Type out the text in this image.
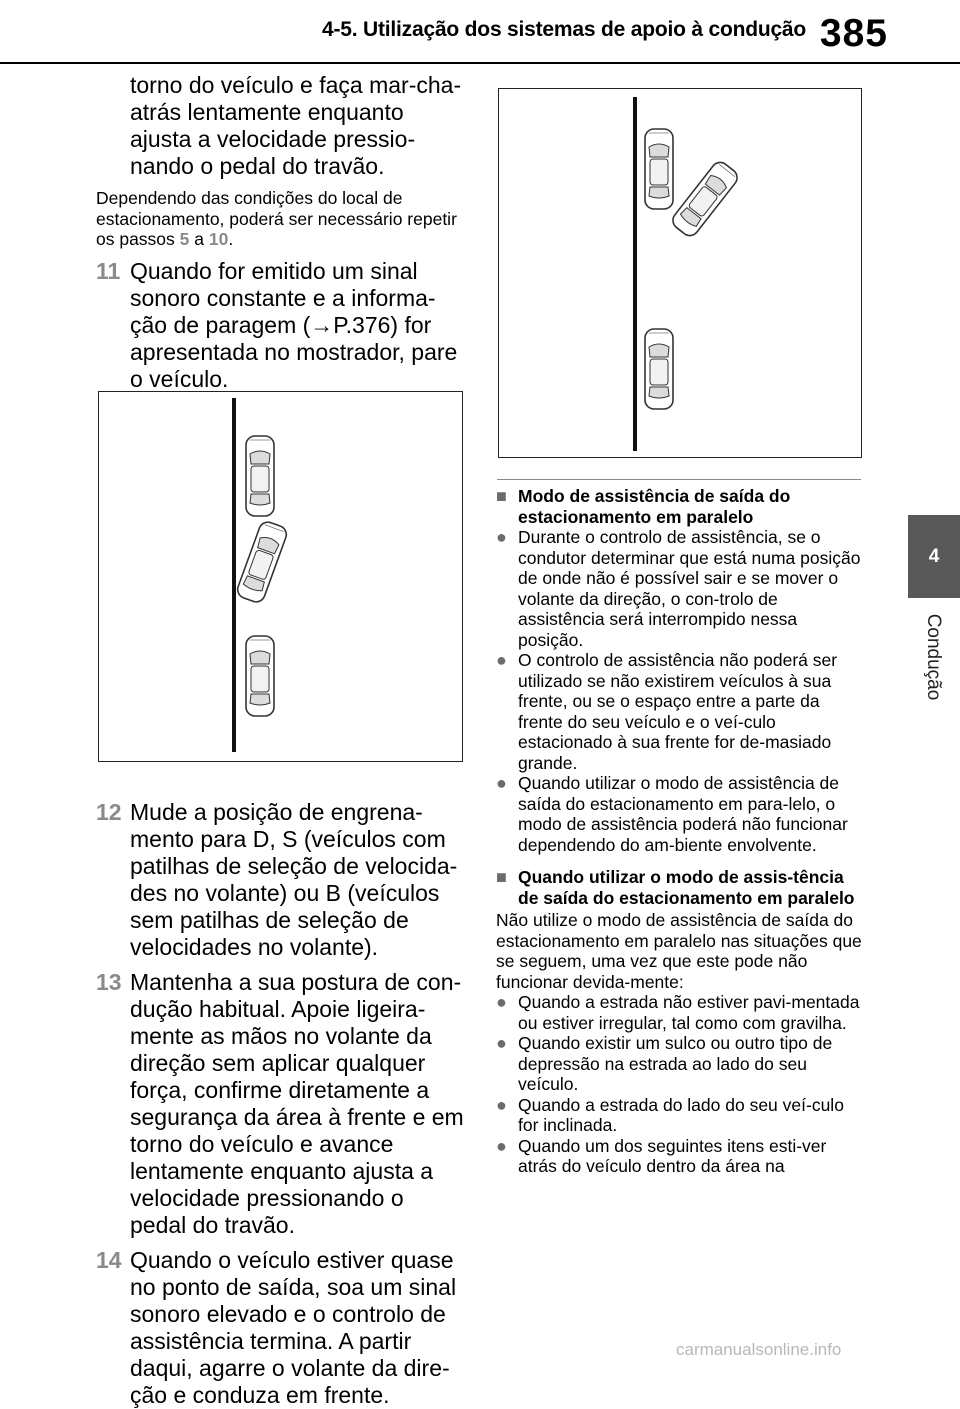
4-5. Utilização dos sistemas de apoio à condução 385
4
Condução
torno do veículo e faça mar-cha-atrás lentamente enquanto ajusta a velocidade pressio-nando o pedal do travão.
Dependendo das condições do local de estacionamento, poderá ser necessário repetir os passos 5 a 10.
11 Quando for emitido um sinal sonoro constante e a informa-ção de paragem (→P.376) for apresentada no mostrador, pare o veículo.
12 Mude a posição de engrena-mento para D, S (veículos com patilhas de seleção de velocida-des no volante) ou B (veículos sem patilhas de seleção de velocidades no volante).
13 Mantenha a sua postura de con-dução habitual. Apoie ligeira-mente as mãos no volante da direção sem aplicar qualquer força, confirme diretamente a segurança da área à frente e em torno do veículo e avance lentamente enquanto ajusta a velocidade pressionando o pedal do travão.
14 Quando o veículo estiver quase no ponto de saída, soa um sinal sonoro elevado e o controlo de assistência termina. A partir daqui, agarre o volante da dire-ção e conduza em frente.
■ Modo de assistência de saída do estacionamento em paralelo
● Durante o controlo de assistência, se o condutor determinar que está numa posição de onde não é possível sair e se mover o volante da direção, o con-trolo de assistência será interrompido nessa posição.
● O controlo de assistência não poderá ser utilizado se não existirem veículos à sua frente, ou se o espaço entre a parte da frente do seu veículo e o veí-culo estacionado à sua frente for de-masiado grande.
● Quando utilizar o modo de assistência de saída do estacionamento em para-lelo, o modo de assistência poderá não funcionar dependendo do am-biente envolvente.
■ Quando utilizar o modo de assis-tência de saída do estacionamento em paralelo
Não utilize o modo de assistência de saída do estacionamento em paralelo nas situações que se seguem, uma vez que este pode não funcionar devida-mente:
● Quando a estrada não estiver pavi-mentada ou estiver irregular, tal como com gravilha.
● Quando existir um sulco ou outro tipo de depressão na estrada ao lado do seu veículo.
● Quando a estrada do lado do seu veí-culo for inclinada.
● Quando um dos seguintes itens esti-ver atrás do veículo dentro da área na
carmanualsonline.info
